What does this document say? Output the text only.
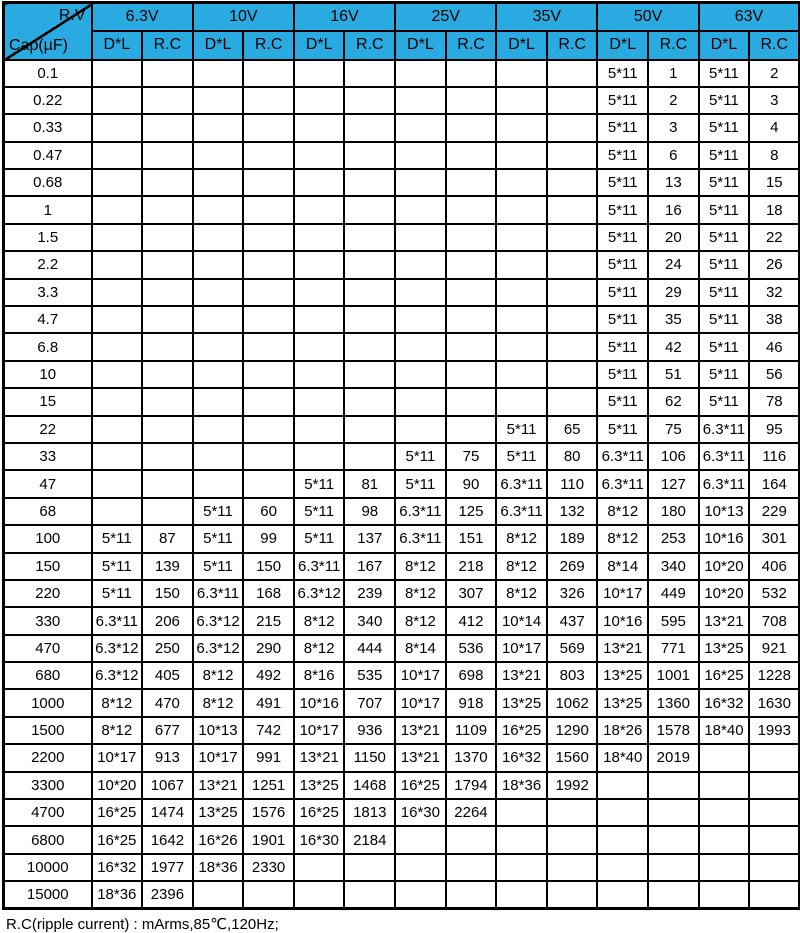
R.V
Cap(µF)	6.3V		10V		16V		25V		35V		50V		63V	
	D*L	R.C	D*L	R.C	D*L	R.C	D*L	R.C	D*L	R.C	D*L	R.C	D*L	R.C
0.1											5*11	1	5*11	2
0.22											5*11	2	5*11	3
0.33											5*11	3	5*11	4
0.47											5*11	6	5*11	8
0.68											5*11	13	5*11	15
1											5*11	16	5*11	18
1.5											5*11	20	5*11	22
2.2											5*11	24	5*11	26
3.3											5*11	29	5*11	32
4.7											5*11	35	5*11	38
6.8											5*11	42	5*11	46
10											5*11	51	5*11	56
15											5*11	62	5*11	78
22									5*11	65	5*11	75	6.3*11	95
33							5*11	75	5*11	80	6.3*11	106	6.3*11	116
47					5*11	81	5*11	90	6.3*11	110	6.3*11	127	6.3*11	164
68			5*11	60	5*11	98	6.3*11	125	6.3*11	132	8*12	180	10*13	229
100	5*11	87	5*11	99	5*11	137	6.3*11	151	8*12	189	8*12	253	10*16	301
150	5*11	139	5*11	150	6.3*11	167	8*12	218	8*12	269	8*14	340	10*20	406
220	5*11	150	6.3*11	168	6.3*12	239	8*12	307	8*12	326	10*17	449	10*20	532
330	6.3*11	206	6.3*12	215	8*12	340	8*12	412	10*14	437	10*16	595	13*21	708
470	6.3*12	250	6.3*12	290	8*12	444	8*14	536	10*17	569	13*21	771	13*25	921
680	6.3*12	405	8*12	492	8*16	535	10*17	698	13*21	803	13*25	1001	16*25	1228
1000	8*12	470	8*12	491	10*16	707	10*17	918	13*25	1062	13*25	1360	16*32	1630
1500	8*12	677	10*13	742	10*17	936	13*21	1109	16*25	1290	18*26	1578	18*40	1993
2200	10*17	913	10*17	991	13*21	1150	13*21	1370	16*32	1560	18*40	2019		
3300	10*20	1067	13*21	1251	13*25	1468	16*25	1794	18*36	1992				
4700	16*25	1474	13*25	1576	16*25	1813	16*30	2264						
6800	16*25	1642	16*26	1901	16*30	2184								
10000	16*32	1977	18*36	2330										
15000	18*36	2396												
R.C(ripple current) : mArms,85℃,120Hz;
